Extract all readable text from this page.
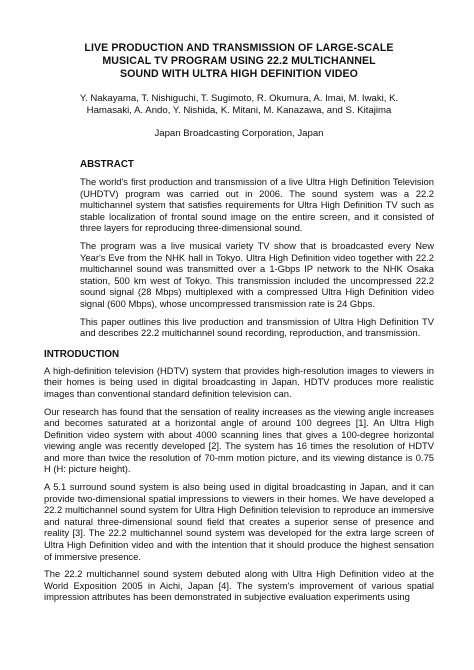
LIVE PRODUCTION AND TRANSMISSION OF LARGE-SCALE
MUSICAL TV PROGRAM USING 22.2 MULTICHANNEL
SOUND WITH ULTRA HIGH DEFINITION VIDEO
Y. Nakayama, T. Nishiguchi, T. Sugimoto, R. Okumura, A. Imai, M. Iwaki, K.
Hamasaki, A. Ando, Y. Nishida, K. Mitani, M. Kanazawa, and S. Kitajima
Japan Broadcasting Corporation, Japan
ABSTRACT

The world's first production and transmission of a live Ultra High Definition Television (UHDTV) program was carried out in 2006. The sound system was a 22.2 multichannel system that satisfies requirements for Ultra High Definition TV such as stable localization of frontal sound image on the entire screen, and it consisted of three layers for reproducing three-dimensional sound.

The program was a live musical variety TV show that is broadcasted every New Year's Eve from the NHK hall in Tokyo. Ultra High Definition video together with 22.2 multichannel sound was transmitted over a 1-Gbps IP network to the NHK Osaka station, 500 km west of Tokyo. This transmission included the uncompressed 22.2 sound signal (28 Mbps) multiplexed with a compressed Ultra High Definition video signal (600 Mbps), whose uncompressed transmission rate is 24 Gbps.

This paper outlines this live production and transmission of Ultra High Definition TV and describes 22.2 multichannel sound recording, reproduction, and transmission.

INTRODUCTION

A high-definition television (HDTV) system that provides high-resolution images to viewers in their homes is being used in digital broadcasting in Japan. HDTV produces more realistic images than conventional standard definition television can.

Our research has found that the sensation of reality increases as the viewing angle increases and becomes saturated at a horizontal angle of around 100 degrees [1]. An Ultra High Definition video system with about 4000 scanning lines that gives a 100-degree horizontal viewing angle was recently developed [2]. The system has 16 times the resolution of HDTV and more than twice the resolution of 70-mm motion picture, and its viewing distance is 0.75 H (H: picture height).

A 5.1 surround sound system is also being used in digital broadcasting in Japan, and it can provide two-dimensional spatial impressions to viewers in their homes. We have developed a 22.2 multichannel sound system for Ultra High Definition television to reproduce an immersive and natural three-dimensional sound field that creates a superior sense of presence and reality [3]. The 22.2 multichannel sound system was developed for the extra large screen of Ultra High Definition video and with the intention that it should produce the highest sensation of immersive presence.

The 22.2 multichannel sound system debuted along with Ultra High Definition video at the World Exposition 2005 in Aichi, Japan [4]. The system's improvement of various spatial impression attributes has been demonstrated in subjective evaluation experiments using
